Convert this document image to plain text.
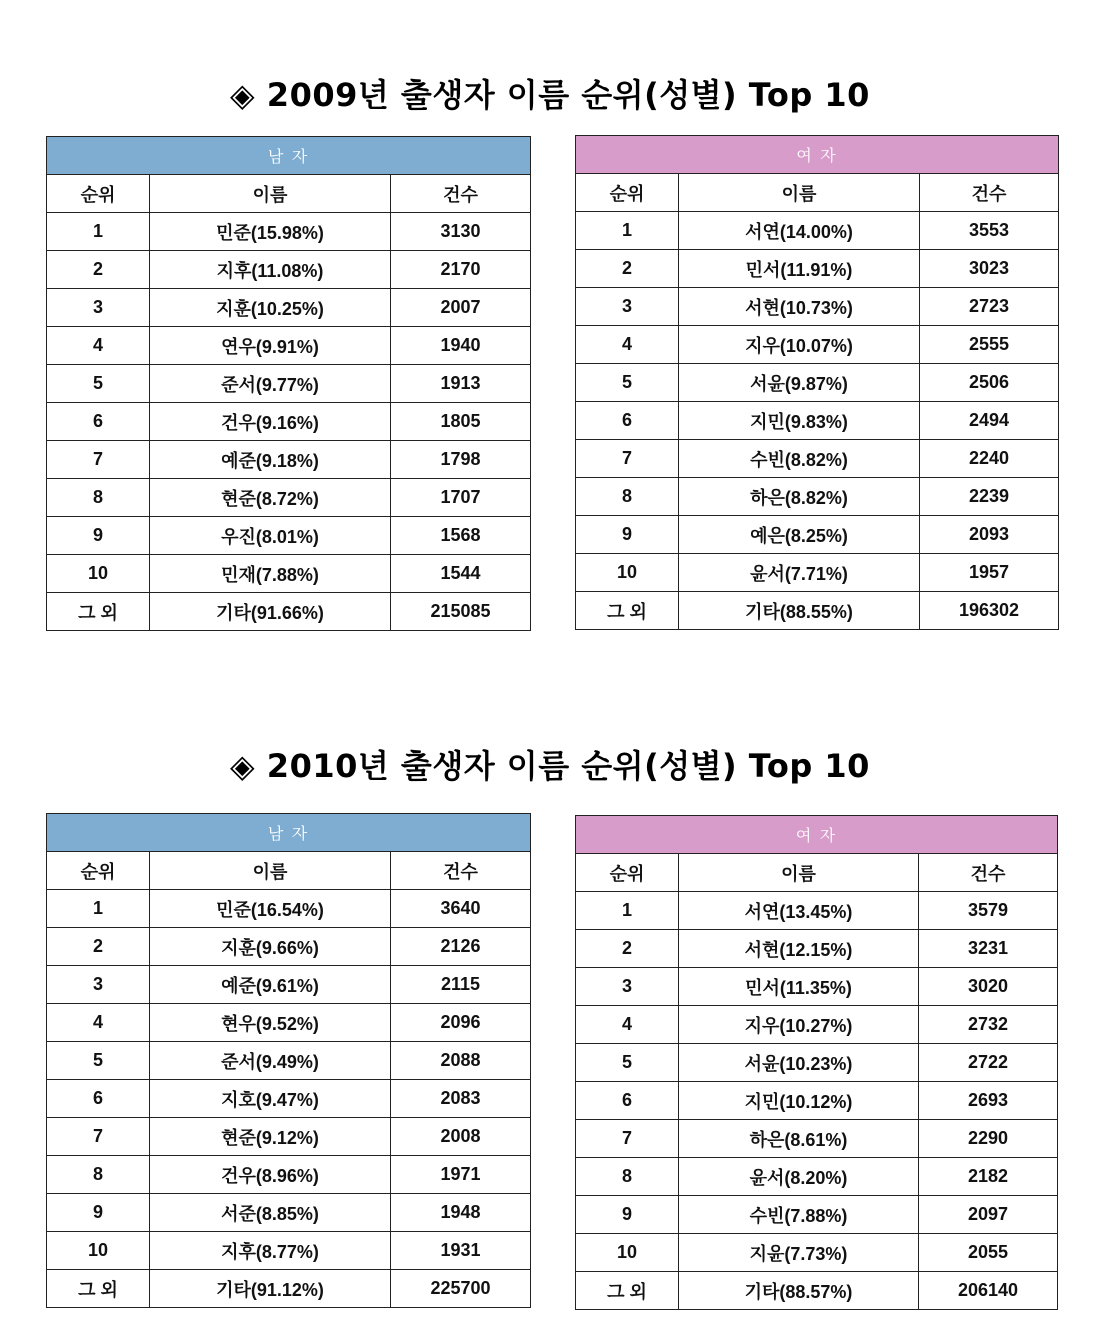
◈ 2009년 출생자 이름 순위(성별) Top 10
남 자		
순위	이름	건수
1	민준(15.98%)	3130
2	지후(11.08%)	2170
3	지훈(10.25%)	2007
4	연우(9.91%)	1940
5	준서(9.77%)	1913
6	건우(9.16%)	1805
7	예준(9.18%)	1798
8	현준(8.72%)	1707
9	우진(8.01%)	1568
10	민재(7.88%)	1544
그 외	기타(91.66%)	215085
여 자		
순위	이름	건수
1	서연(14.00%)	3553
2	민서(11.91%)	3023
3	서현(10.73%)	2723
4	지우(10.07%)	2555
5	서윤(9.87%)	2506
6	지민(9.83%)	2494
7	수빈(8.82%)	2240
8	하은(8.82%)	2239
9	예은(8.25%)	2093
10	윤서(7.71%)	1957
그 외	기타(88.55%)	196302
◈ 2010년 출생자 이름 순위(성별) Top 10
남 자		
순위	이름	건수
1	민준(16.54%)	3640
2	지훈(9.66%)	2126
3	예준(9.61%)	2115
4	현우(9.52%)	2096
5	준서(9.49%)	2088
6	지호(9.47%)	2083
7	현준(9.12%)	2008
8	건우(8.96%)	1971
9	서준(8.85%)	1948
10	지후(8.77%)	1931
그 외	기타(91.12%)	225700
여 자		
순위	이름	건수
1	서연(13.45%)	3579
2	서현(12.15%)	3231
3	민서(11.35%)	3020
4	지우(10.27%)	2732
5	서윤(10.23%)	2722
6	지민(10.12%)	2693
7	하은(8.61%)	2290
8	윤서(8.20%)	2182
9	수빈(7.88%)	2097
10	지윤(7.73%)	2055
그 외	기타(88.57%)	206140
